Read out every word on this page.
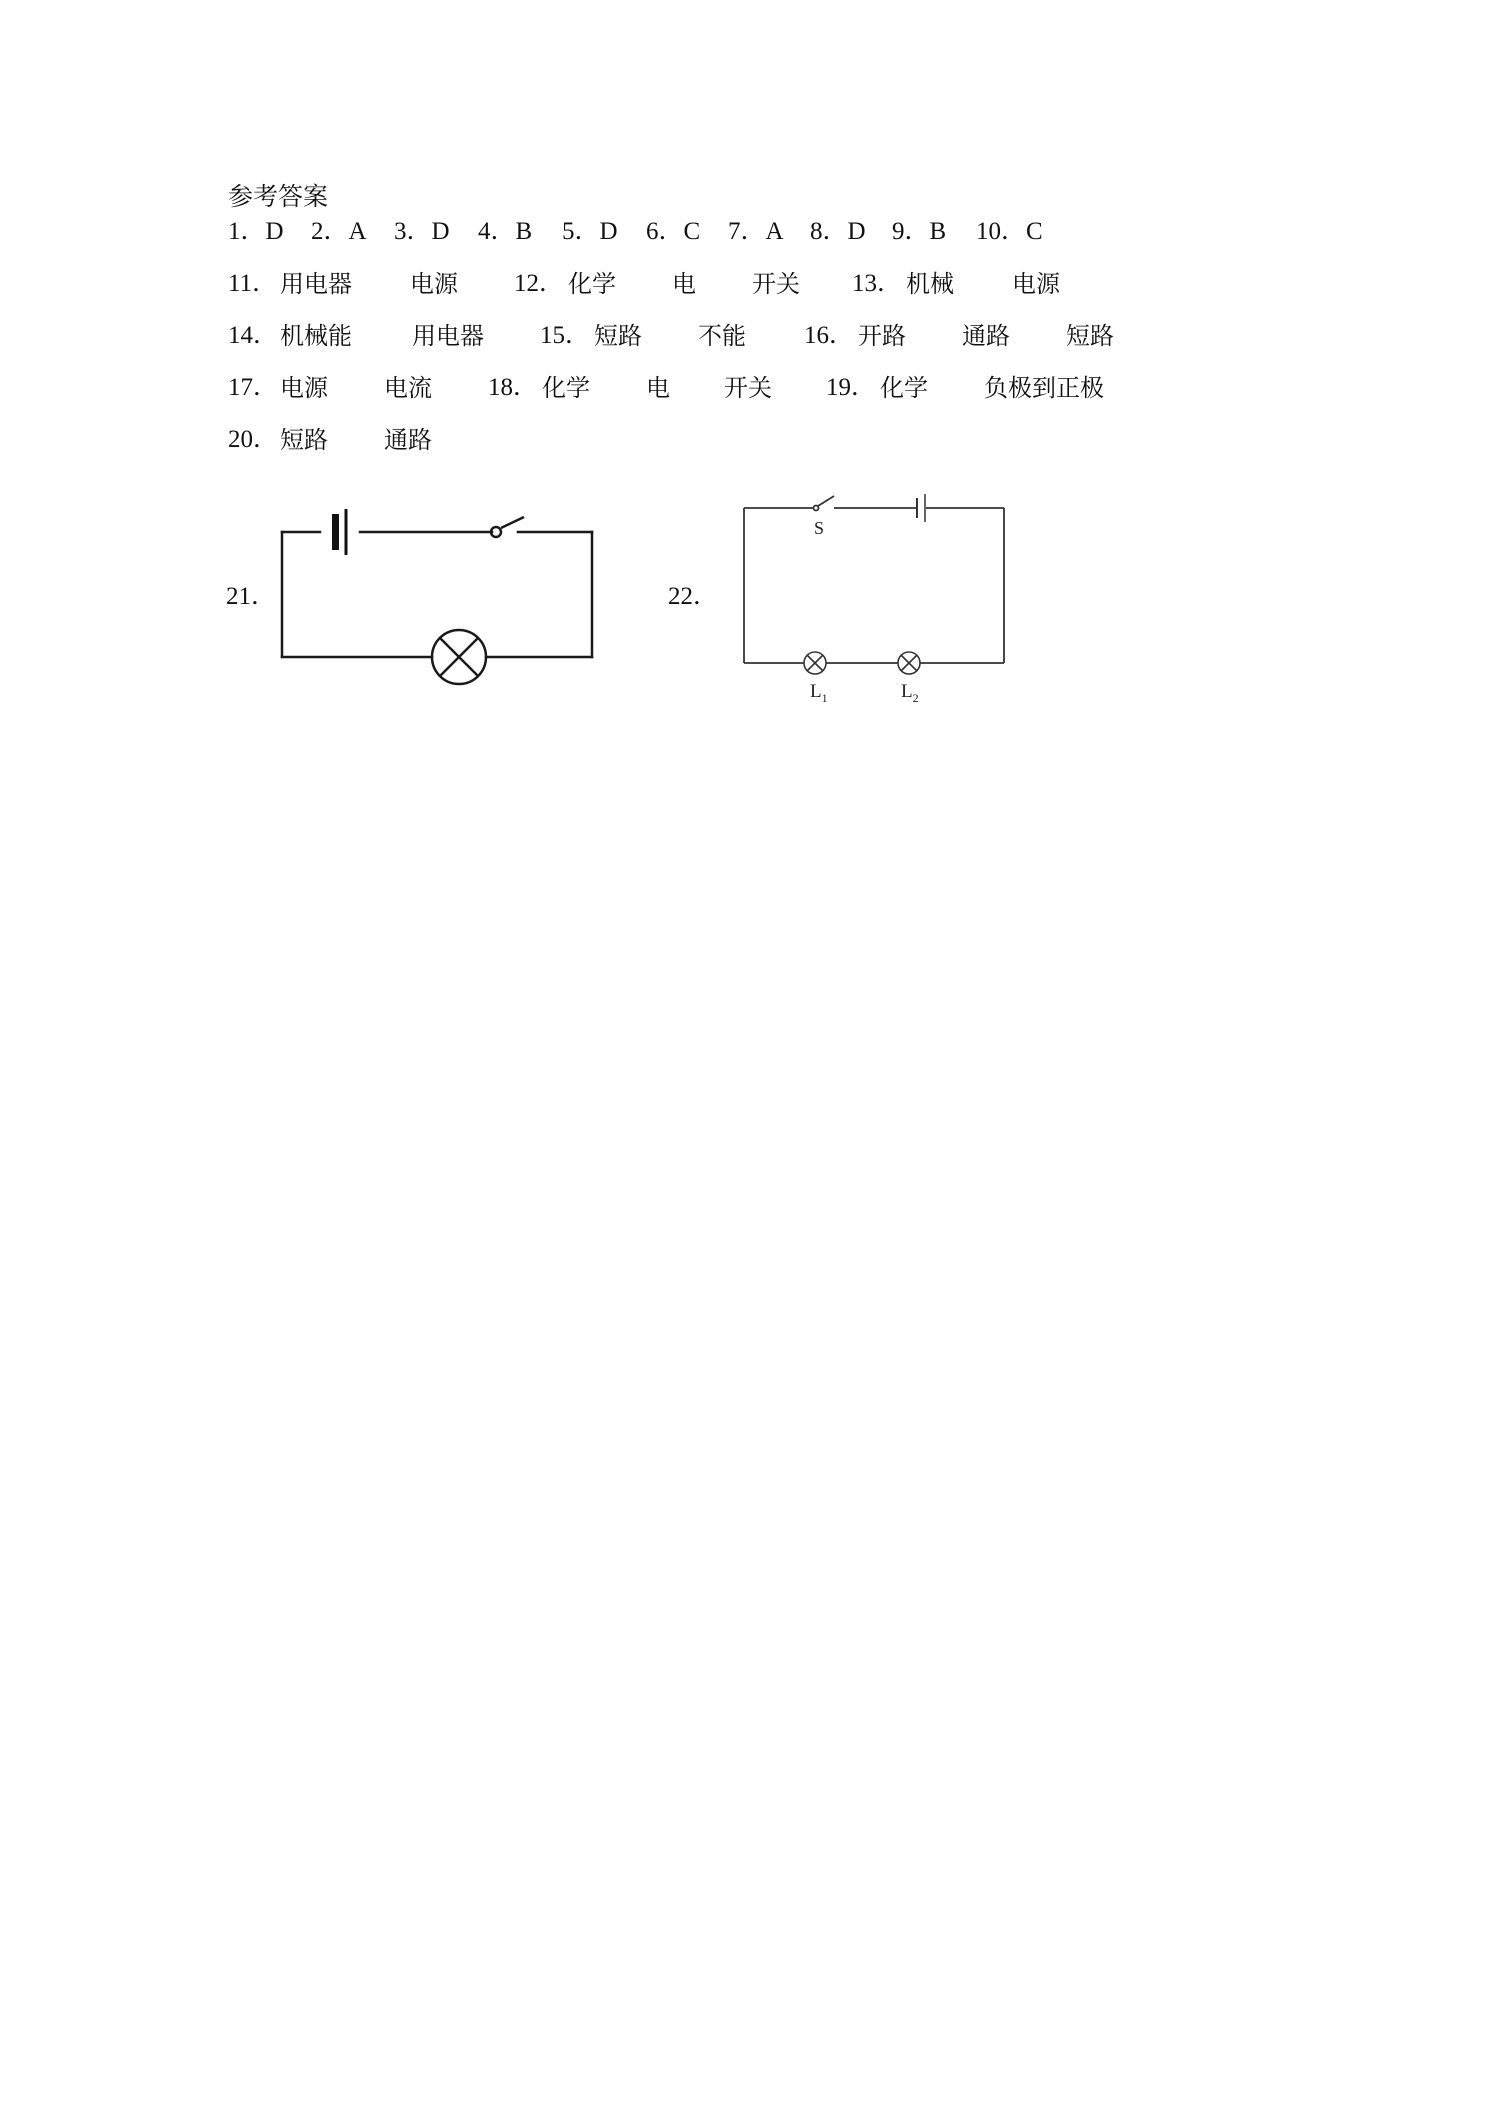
参考答案
1．D 2．A 3．D 4．B 5．D 6．C 7．A 8．D 9．B 10．C
11． 用电器 电源 12． 化学 电 开关 13． 机械 电源
14． 机械能	用电器 15． 短路 不能 16． 开路 通路 短路
17． 电源 电流 18． 化学 电 开关 19． 化学 负极到正极
20． 短路 通路
21．	22．
S
$L_1$	$L_2$
